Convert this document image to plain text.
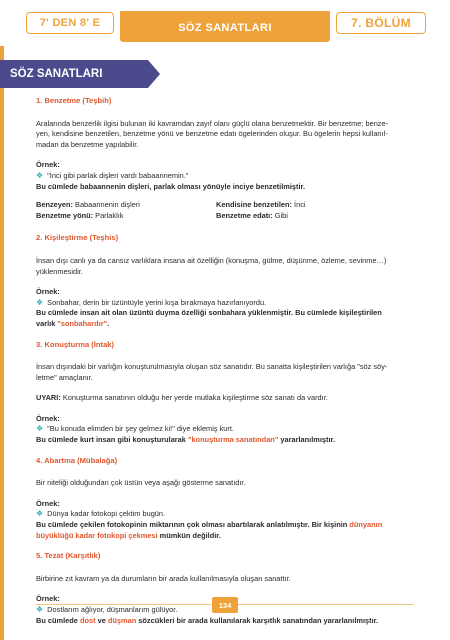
7' DEN 8' E	SÖZ SANATLARI	7. BÖLÜM
SÖZ SANATLARI

1. Benzetme (Teşbih)

Aralarında benzerlik ilgisi bulunan iki kavramdan zayıf olanı güçlü olana benzetmektir. Bir benzetme; benze-yen, kendisine benzetilen, benzetme yönü ve benzetme edatı ögelerinden oluşur. Bu ögelerin hepsi kullanıl-madan da benzetme yapılabilir.

Örnek:

❖ "İnci gibi parlak dişleri vardı babaannemin."

Bu cümlede babaannenin dişleri, parlak olması yönüyle inciye benzetilmiştir.

Benzeyen: Babaannenin dişleri
Benzetme yönü: Parlaklık
Kendisine benzetilen: İnci
Benzetme edatı: Gibi

2. Kişileştirme (Teşhis)

İnsan dışı canlı ya da cansız varlıklara insana ait özelliğin (konuşma, gülme, düşünme, özleme, sevinme…) yüklenmesidir.

Örnek:

❖ Sonbahar, derin bir üzüntüyle yerini kışa bırakmaya hazırlanıyordu.

Bu cümlede insan ait olan üzüntü duyma özelliği sonbahara yüklenmiştir. Bu cümlede kişileştirilen varlık "sonbahardır".

3. Konuşturma (İntak)

İnsan dışındaki bir varlığın konuşturulmasıyla oluşan söz sanatıdır. Bu sanatta kişileştirilen varlığa "söz söy-letme" amaçlanır.

UYARI: Konuşturma sanatının olduğu her yerde mutlaka kişileştirme söz sanatı da vardır.

Örnek:

❖ "Bu konuda elimden bir şey gelmez ki!" diye eklemiş kurt.

Bu cümlede kurt insan gibi konuşturularak "konuşturma sanatından" yararlanılmıştır.

4. Abartma (Mübalağa)

Bir niteliği olduğundan çok üstün veya aşağı gösterme sanatıdır.

Örnek:

❖ Dünya kadar fotokopi çektim bugün.

Bu cümlede çekilen fotokopinin miktarının çok olması abartılarak anlatılmıştır. Bir kişinin dünyanın büyüklüğü kadar fotokopi çekmesi mümkün değildir.

5. Tezat (Karşıtlık)

Birbirine zıt kavram ya da durumların bir arada kullanılmasıyla oluşan sanattır.

Örnek:

❖ Dostlarım ağlıyor, düşmanlarım gülüyor.

Bu cümlede dost ve düşman sözcükleri bir arada kullanılarak karşıtlık sanatından yararlanılmıştır.

134
